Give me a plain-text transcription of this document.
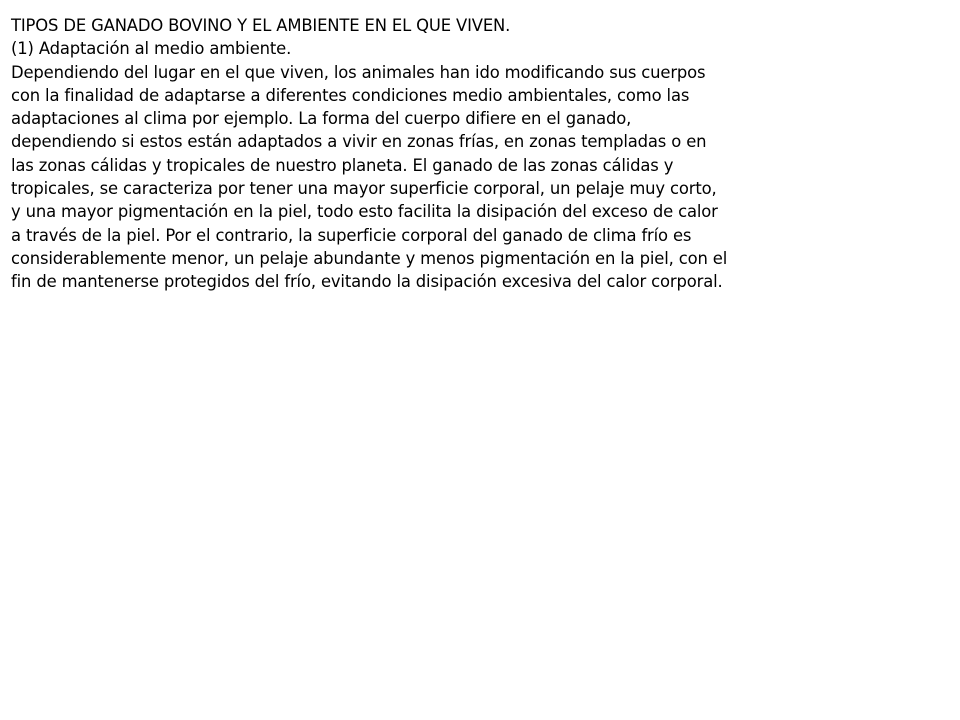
TIPOS DE GANADO BOVINO Y EL AMBIENTE EN EL QUE VIVEN.
(1) Adaptación al medio ambiente.
Dependiendo del lugar en el que viven, los animales han ido modificando sus cuerpos
con la finalidad de adaptarse a diferentes condiciones medio ambientales, como las
adaptaciones al clima por ejemplo. La forma del cuerpo difiere en el ganado,
dependiendo si estos están adaptados a vivir en zonas frías, en zonas templadas o en
las zonas cálidas y tropicales de nuestro planeta. El ganado de las zonas cálidas y
tropicales, se caracteriza por tener una mayor superficie corporal, un pelaje muy corto,
y una mayor pigmentación en la piel, todo esto facilita la disipación del exceso de calor
a través de la piel. Por el contrario, la superficie corporal del ganado de clima frío es
considerablemente menor, un pelaje abundante y menos pigmentación en la piel, con el
fin de mantenerse protegidos del frío, evitando la disipación excesiva del calor corporal.
